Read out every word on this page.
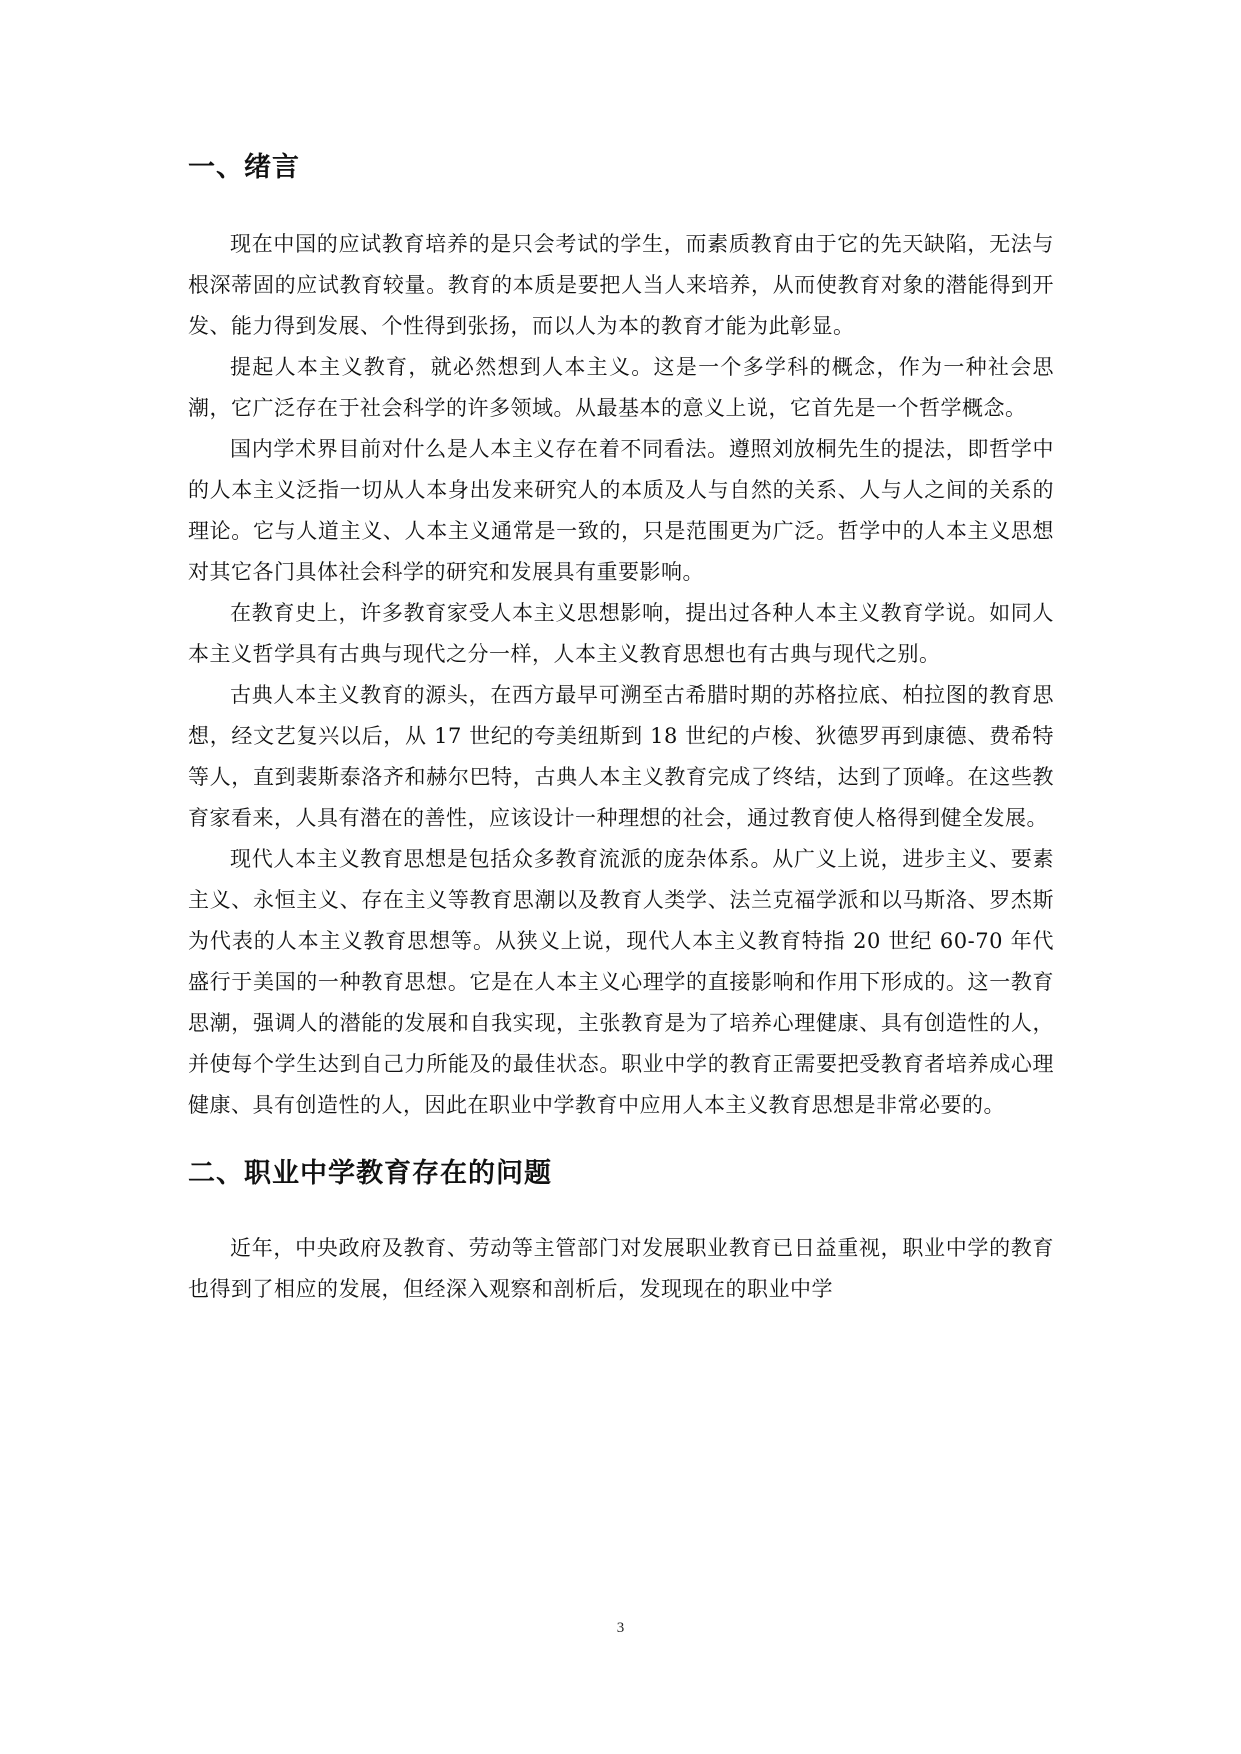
一、绪言

现在中国的应试教育培养的是只会考试的学生，而素质教育由于它的先天缺陷，无法与根深蒂固的应试教育较量。教育的本质是要把人当人来培养，从而使教育对象的潜能得到开发、能力得到发展、个性得到张扬，而以人为本的教育才能为此彰显。

提起人本主义教育，就必然想到人本主义。这是一个多学科的概念，作为一种社会思潮，它广泛存在于社会科学的许多领域。从最基本的意义上说，它首先是一个哲学概念。

国内学术界目前对什么是人本主义存在着不同看法。遵照刘放桐先生的提法，即哲学中的人本主义泛指一切从人本身出发来研究人的本质及人与自然的关系、人与人之间的关系的理论。它与人道主义、人本主义通常是一致的，只是范围更为广泛。哲学中的人本主义思想对其它各门具体社会科学的研究和发展具有重要影响。

在教育史上，许多教育家受人本主义思想影响，提出过各种人本主义教育学说。如同人本主义哲学具有古典与现代之分一样，人本主义教育思想也有古典与现代之别。

古典人本主义教育的源头，在西方最早可溯至古希腊时期的苏格拉底、柏拉图的教育思想，经文艺复兴以后，从 17 世纪的夸美纽斯到 18 世纪的卢梭、狄德罗再到康德、费希特等人，直到裴斯泰洛齐和赫尔巴特，古典人本主义教育完成了终结，达到了顶峰。在这些教育家看来，人具有潜在的善性，应该设计一种理想的社会，通过教育使人格得到健全发展。

现代人本主义教育思想是包括众多教育流派的庞杂体系。从广义上说，进步主义、要素主义、永恒主义、存在主义等教育思潮以及教育人类学、法兰克福学派和以马斯洛、罗杰斯为代表的人本主义教育思想等。从狭义上说，现代人本主义教育特指 20 世纪 60-70 年代盛行于美国的一种教育思想。它是在人本主义心理学的直接影响和作用下形成的。这一教育思潮，强调人的潜能的发展和自我实现，主张教育是为了培养心理健康、具有创造性的人，并使每个学生达到自己力所能及的最佳状态。职业中学的教育正需要把受教育者培养成心理健康、具有创造性的人，因此在职业中学教育中应用人本主义教育思想是非常必要的。

二、职业中学教育存在的问题

近年，中央政府及教育、劳动等主管部门对发展职业教育已日益重视，职业中学的教育也得到了相应的发展，但经深入观察和剖析后，发现现在的职业中学

3
